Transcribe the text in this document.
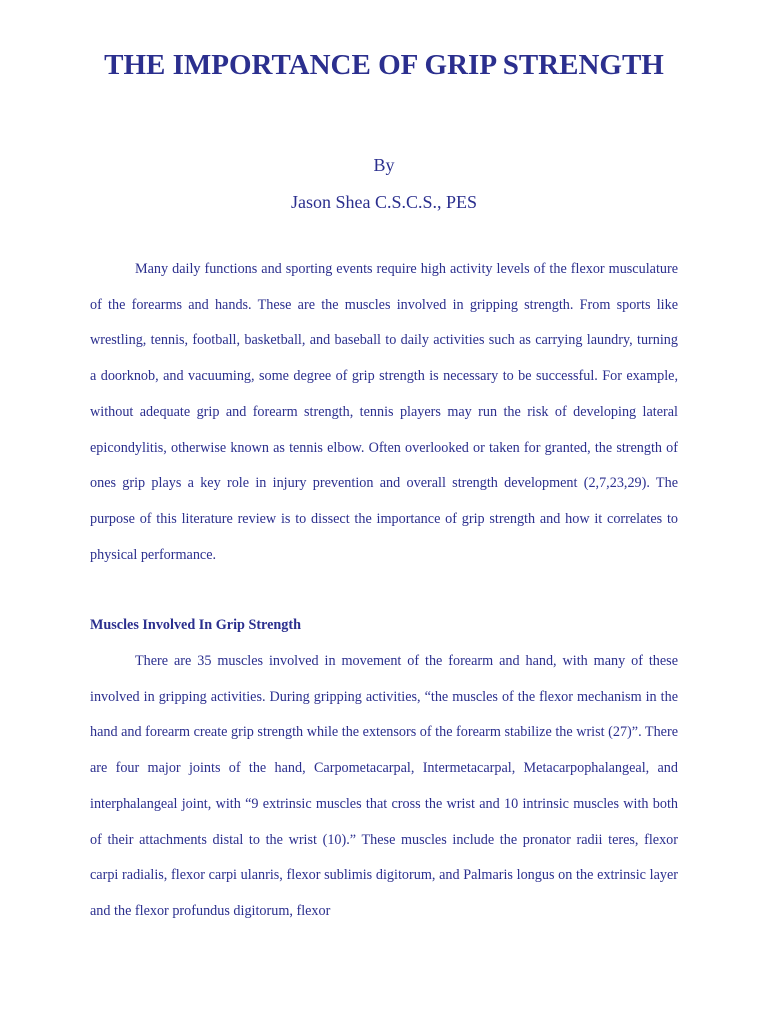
THE IMPORTANCE OF GRIP STRENGTH
By
Jason Shea C.S.C.S., PES

Many daily functions and sporting events require high activity levels of the flexor musculature of the forearms and hands. These are the muscles involved in gripping strength. From sports like wrestling, tennis, football, basketball, and baseball to daily activities such as carrying laundry, turning a doorknob, and vacuuming, some degree of grip strength is necessary to be successful. For example, without adequate grip and forearm strength, tennis players may run the risk of developing lateral epicondylitis, otherwise known as tennis elbow. Often overlooked or taken for granted, the strength of ones grip plays a key role in injury prevention and overall strength development (2,7,23,29). The purpose of this literature review is to dissect the importance of grip strength and how it correlates to physical performance.

Muscles Involved In Grip Strength

There are 35 muscles involved in movement of the forearm and hand, with many of these involved in gripping activities. During gripping activities, “the muscles of the flexor mechanism in the hand and forearm create grip strength while the extensors of the forearm stabilize the wrist (27)”. There are four major joints of the hand, Carpometacarpal, Intermetacarpal, Metacarpophalangeal, and interphalangeal joint, with “9 extrinsic muscles that cross the wrist and 10 intrinsic muscles with both of their attachments distal to the wrist (10).” These muscles include the pronator radii teres, flexor carpi radialis, flexor carpi ulanris, flexor sublimis digitorum, and Palmaris longus on the extrinsic layer and the flexor profundus digitorum, flexor
